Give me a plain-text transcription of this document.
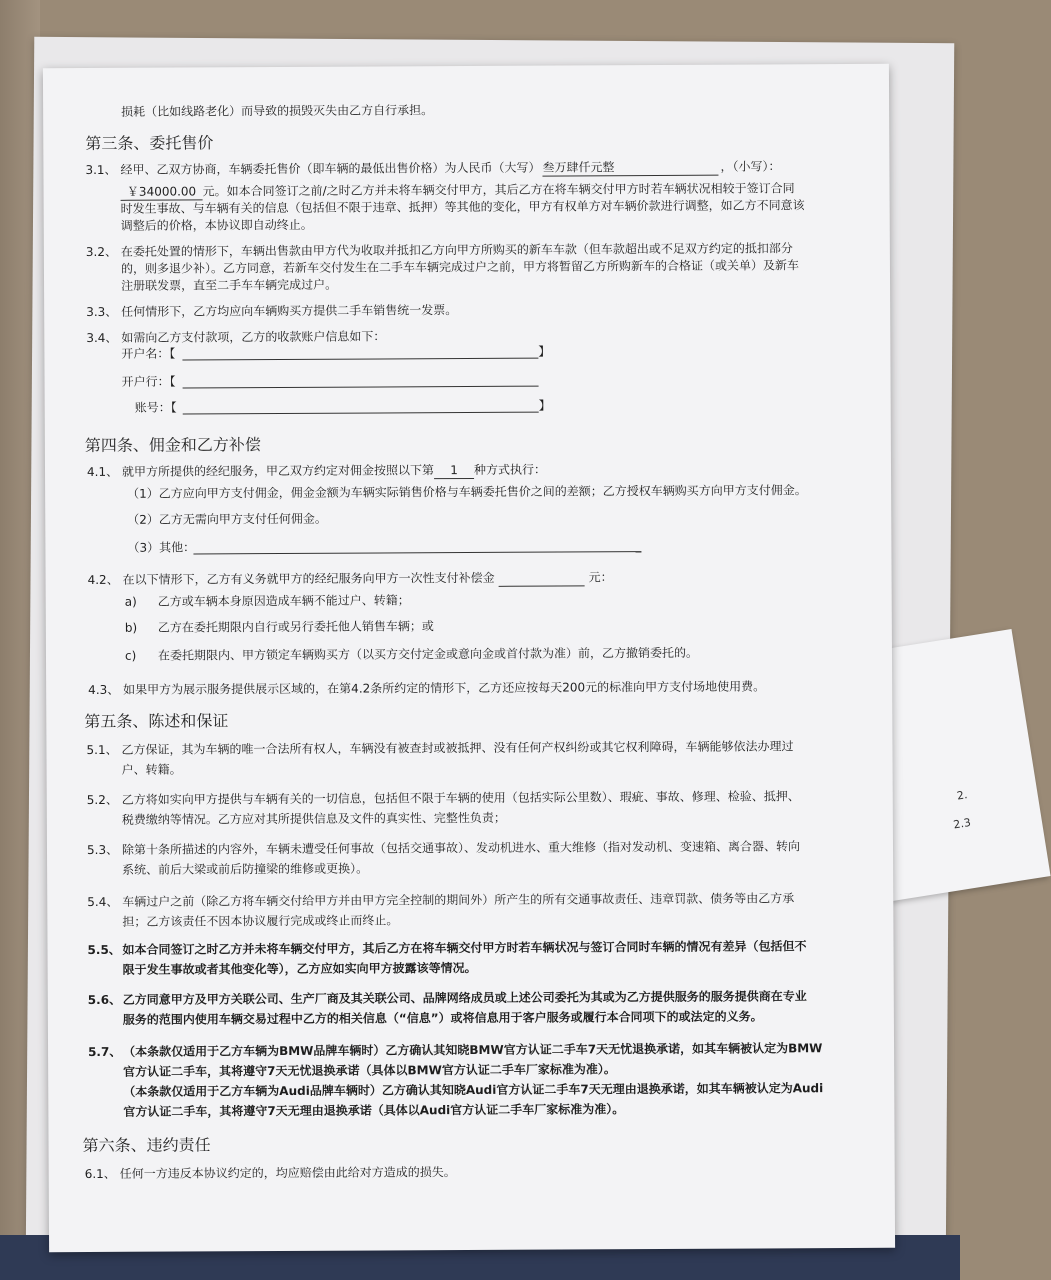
2.
2.3
损耗（比如线路老化）而导致的损毁灭失由乙方自行承担。
第三条、委托售价
3.1、 经甲、乙双方协商，车辆委托售价（即车辆的最低出售价格）为人民币（大写） 叁万肆仟元整	，（小写）：
￥34000.00 元。如本合同签订之前/之时乙方并未将车辆交付甲方，其后乙方在将车辆交付甲方时若车辆状况相较于签订合同
时发生事故、与车辆有关的信息（包括但不限于违章、抵押）等其他的变化，甲方有权单方对车辆价款进行调整，如乙方不同意该
调整后的价格，本协议即自动终止。
3.2、 在委托处置的情形下，车辆出售款由甲方代为收取并抵扣乙方向甲方所购买的新车车款（但车款超出或不足双方约定的抵扣部分
的，则多退少补）。乙方同意，若新车交付发生在二手车车辆完成过户之前，甲方将暂留乙方所购新车的合格证（或关单）及新车
注册联发票，直至二手车车辆完成过户。
3.3、 任何情形下，乙方均应向车辆购买方提供二手车销售统一发票。
3.4、 如需向乙方支付款项，乙方的收款账户信息如下：
开户名：【	】
开户行：【
账号：【	】
第四条、佣金和乙方补偿
4.1、 就甲方所提供的经纪服务，甲乙双方约定对佣金按照以下第 1 种方式执行：
（1）乙方应向甲方支付佣金，佣金金额为车辆实际销售价格与车辆委托售价之间的差额；乙方授权车辆购买方向甲方支付佣金。
（2）乙方无需向甲方支付任何佣金。
（3）其他：
4.2、 在以下情形下，乙方有义务就甲方的经纪服务向甲方一次性支付补偿金	元：
a) 乙方或车辆本身原因造成车辆不能过户、转籍；
b) 乙方在委托期限内自行或另行委托他人销售车辆；或
c) 在委托期限内、甲方锁定车辆购买方（以买方交付定金或意向金或首付款为准）前，乙方撤销委托的。
4.3、 如果甲方为展示服务提供展示区域的，在第4.2条所约定的情形下，乙方还应按每天200元的标准向甲方支付场地使用费。
第五条、陈述和保证
5.1、 乙方保证，其为车辆的唯一合法所有权人，车辆没有被查封或被抵押、没有任何产权纠纷或其它权利障碍，车辆能够依法办理过
户、转籍。
5.2、 乙方将如实向甲方提供与车辆有关的一切信息，包括但不限于车辆的使用（包括实际公里数）、瑕疵、事故、修理、检验、抵押、
税费缴纳等情况。乙方应对其所提供信息及文件的真实性、完整性负责；
5.3、 除第十条所描述的内容外，车辆未遭受任何事故（包括交通事故）、发动机进水、重大维修（指对发动机、变速箱、离合器、转向
系统、前后大梁或前后防撞梁的维修或更换）。
5.4、 车辆过户之前（除乙方将车辆交付给甲方并由甲方完全控制的期间外）所产生的所有交通事故责任、违章罚款、债务等由乙方承
担；乙方该责任不因本协议履行完成或终止而终止。
5.5、 如本合同签订之时乙方并未将车辆交付甲方，其后乙方在将车辆交付甲方时若车辆状况与签订合同时车辆的情况有差异（包括但不
限于发生事故或者其他变化等），乙方应如实向甲方披露该等情况。
5.6、 乙方同意甲方及甲方关联公司、生产厂商及其关联公司、品牌网络成员或上述公司委托为其或为乙方提供服务的服务提供商在专业
服务的范围内使用车辆交易过程中乙方的相关信息（“信息”）或将信息用于客户服务或履行本合同项下的或法定的义务。
5.7、 （本条款仅适用于乙方车辆为BMW品牌车辆时）乙方确认其知晓BMW官方认证二手车7天无忧退换承诺，如其车辆被认定为BMW
官方认证二手车，其将遵守7天无忧退换承诺（具体以BMW官方认证二手车厂家标准为准）。
（本条款仅适用于乙方车辆为Audi品牌车辆时）乙方确认其知晓Audi官方认证二手车7天无理由退换承诺，如其车辆被认定为Audi
官方认证二手车，其将遵守7天无理由退换承诺（具体以Audi官方认证二手车厂家标准为准）。
第六条、违约责任
6.1、 任何一方违反本协议约定的，均应赔偿由此给对方造成的损失。
